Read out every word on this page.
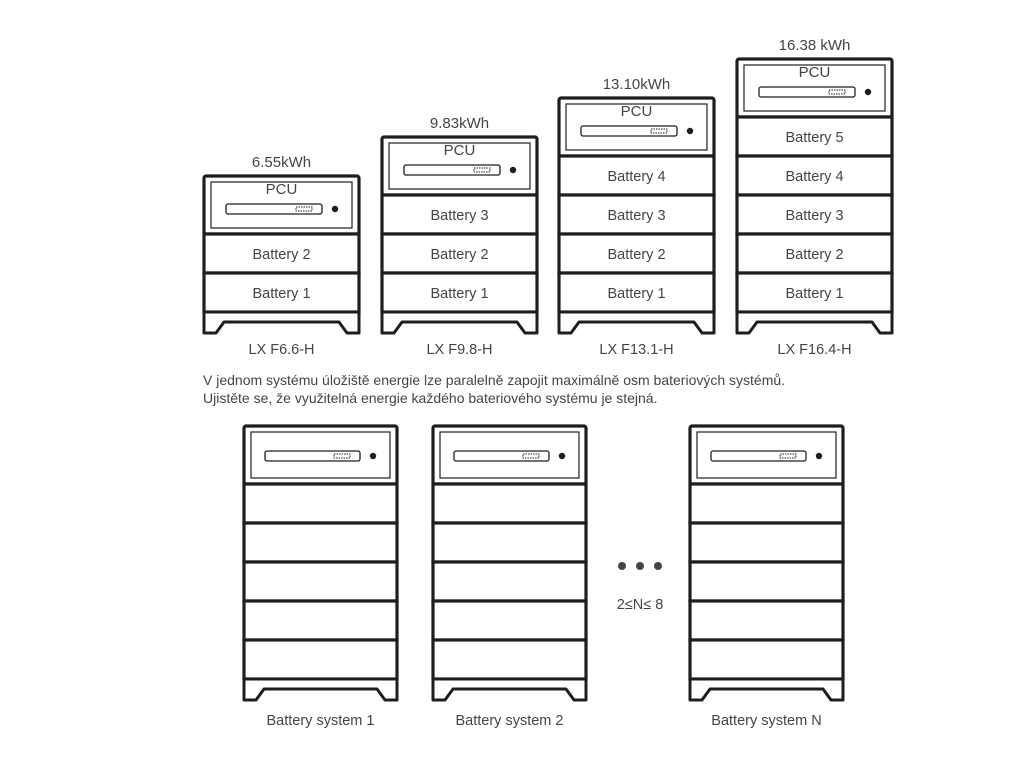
6.55kWh
PCU
Battery 2
Battery 1
LX F6.6-H
9.83kWh
PCU
Battery 3
Battery 2
Battery 1
LX F9.8-H
13.10kWh
PCU
Battery 4
Battery 3
Battery 2
Battery 1
LX F13.1-H
16.38 kWh
PCU
Battery 5
Battery 4
Battery 3
Battery 2
Battery 1
LX F16.4-H
V jednom systému úložiště energie lze paralelně zapojit maximálně osm bateriových systémů.
Ujistěte se, že využitelná energie každého bateriového systému je stejná.
Battery system 1	Battery system 2	Battery system N
2≤N≤ 8
